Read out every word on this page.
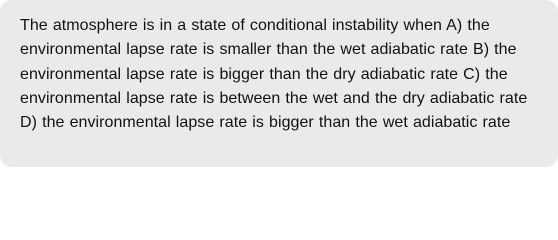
The atmosphere is in a state of conditional instability when A) the environmental lapse rate is smaller than the wet adiabatic rate B) the environmental lapse rate is bigger than the dry adiabatic rate C) the environmental lapse rate is between the wet and the dry adiabatic rate D) the environmental lapse rate is bigger than the wet adiabatic rate
